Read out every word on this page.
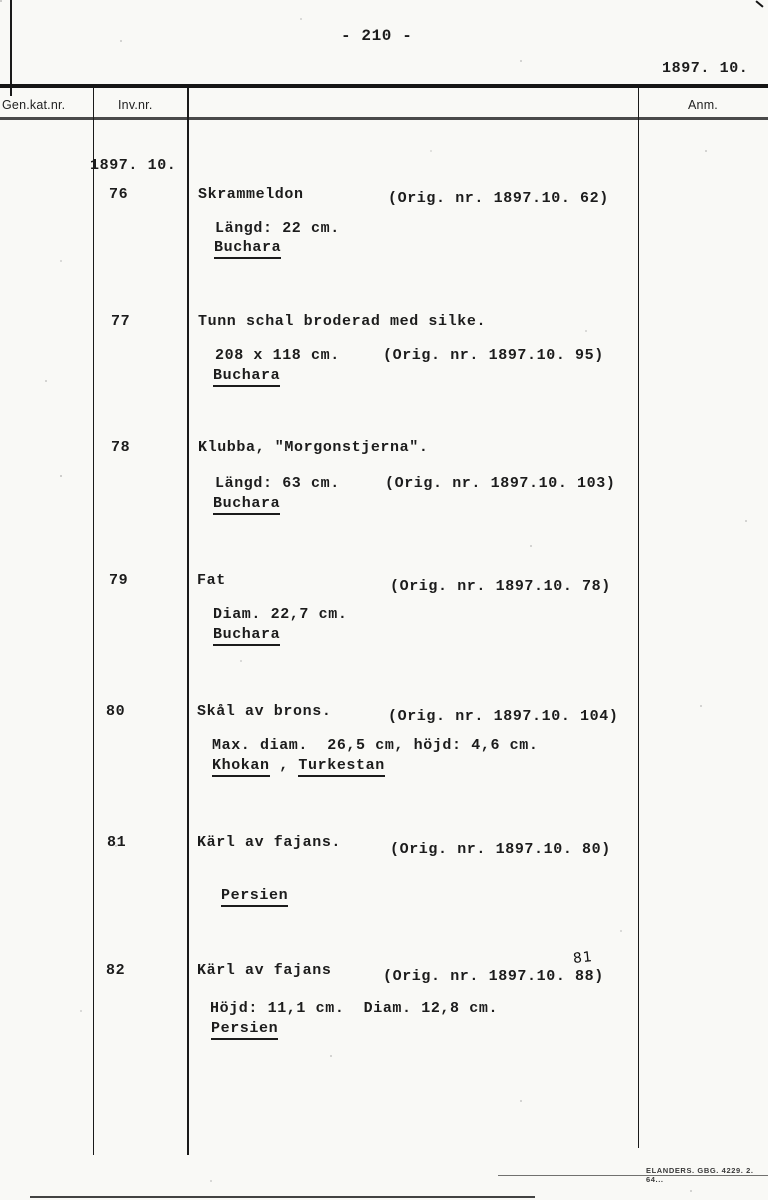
- 210 -
1897. 10.
Gen.kat.nr.	Inv.nr.	Anm.
1897. 10.
76	Skrammeldon	(Orig. nr. 1897.10. 62)
Längd: 22 cm.
Buchara
77	Tunn schal broderad med silke.
208 x 118 cm.	(Orig. nr. 1897.10. 95)
Buchara
78	Klubba, "Morgonstjerna".
Längd: 63 cm.	(Orig. nr. 1897.10. 103)
Buchara
79	Fat	(Orig. nr. 1897.10. 78)
Diam. 22,7 cm.
Buchara
80	Skål av brons.	(Orig. nr. 1897.10. 104)
Max. diam.  26,5 cm, höjd: 4,6 cm.
Khokan , Turkestan
81	Kärl av fajans.	(Orig. nr. 1897.10. 80)
Persien
82	Kärl av fajans	(Orig. nr. 1897.10. 88)
81
Höjd: 11,1 cm.  Diam. 12,8 cm.
Persien
ELANDERS. GBG. 4229. 2. 64...
